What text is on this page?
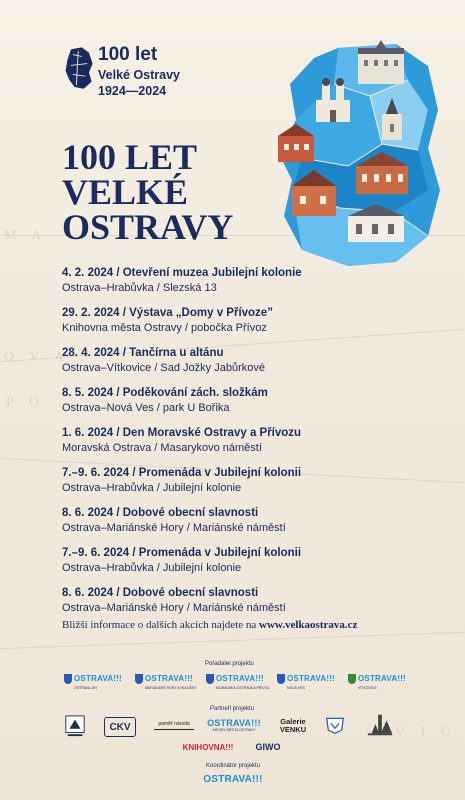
M A
O V A
P O
V I C
100 let
Velké Ostravy
1924—2024
100 LET
VELKÉ
OSTRAVY
4. 2. 2024 / Otevření muzea Jubilejní kolonie
Ostrava–Hrabůvka / Slezská 13
29. 2. 2024 / Výstava „Domy v Přívoze”
Knihovna města Ostravy / pobočka Přívoz
28. 4. 2024 / Tančírna u altánu
Ostrava–Vítkovice / Sad Jožky Jabůrkové
8. 5. 2024 / Poděkování zách. složkám
Ostrava–Nová Ves / park U Bořika
1. 6. 2024 / Den Moravské Ostravy a Přívozu
Moravská Ostrava / Masarykovo náměstí
7.–9. 6. 2024 / Promenáda v Jubilejní kolonii
Ostrava–Hrabůvka / Jubilejní kolonie
8. 6. 2024 / Dobové obecní slavnosti
Ostrava–Mariánské Hory / Mariánské náměstí
7.–9. 6. 2024 / Promenáda v Jubilejní kolonii
Ostrava–Hrabůvka / Jubilejní kolonie
8. 6. 2024 / Dobové obecní slavnosti
Ostrava–Mariánské Hory / Mariánské náměstí
Bližší informace o dalších akcích najdete na www.velkaostrava.cz
Pořadatel projektu
OSTRAVA!!!
OSTRAVA-JIH
OSTRAVA!!!
MARIÁNSKÉ HORY A HULVÁKY
OSTRAVA!!!
MORAVSKÁ OSTRAVA A PŘÍVOZ
OSTRAVA!!!
NOVÁ VES
OSTRAVA!!!
VÍTKOVICE
Partneři projektu
CKV	paměť národa OSTRAVA!!!
ARCHIV MĚSTA OSTRAVY
Galerie VENKU
KNIHOVNA!!! GIWO
Koordinátor projektu
OSTRAVA!!!
